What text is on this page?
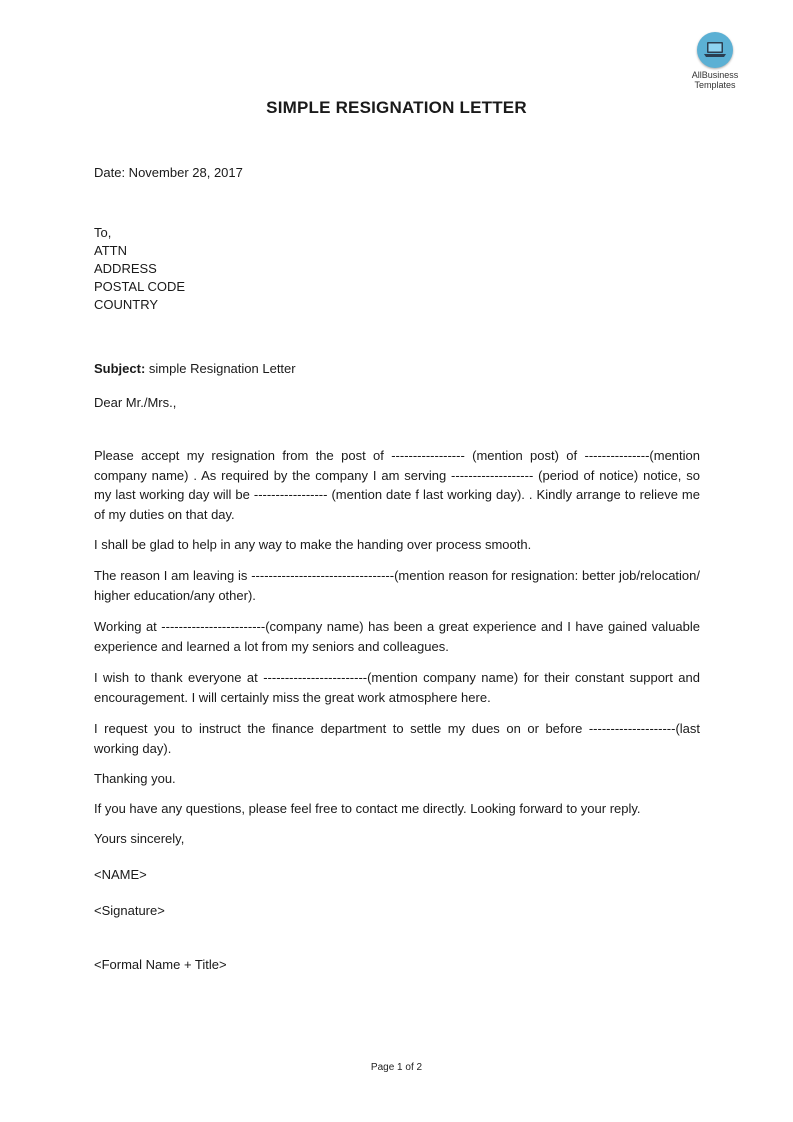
AllBusiness
Templates
SIMPLE RESIGNATION LETTER

Date: November 28, 2017

To,

ATTN

ADDRESS

POSTAL CODE

COUNTRY

Subject: simple Resignation Letter

Dear Mr./Mrs.,

Please accept my resignation from the post of ----------------- (mention post) of ---------------(mention company name) . As required by the company I am serving ------------------- (period of notice) notice, so my last working day will be ----------------- (mention date f last working day). . Kindly arrange to relieve me of my duties on that day.

I shall be glad to help in any way to make the handing over process smooth.

The reason I am leaving is ---------------------------------(mention reason for resignation: better job/relocation/ higher education/any other).

Working at ------------------------(company name) has been a great experience and I have gained valuable experience and learned a lot from my seniors and colleagues.

I wish to thank everyone at ------------------------(mention company name) for their constant support and encouragement. I will certainly miss the great work atmosphere here.

I request you to instruct the finance department to settle my dues on or before --------------------(last working day).

Thanking you.

If you have any questions, please feel free to contact me directly. Looking forward to your reply.

Yours sincerely,

<NAME>

<Signature>

<Formal Name + Title>

Page 1 of 2
